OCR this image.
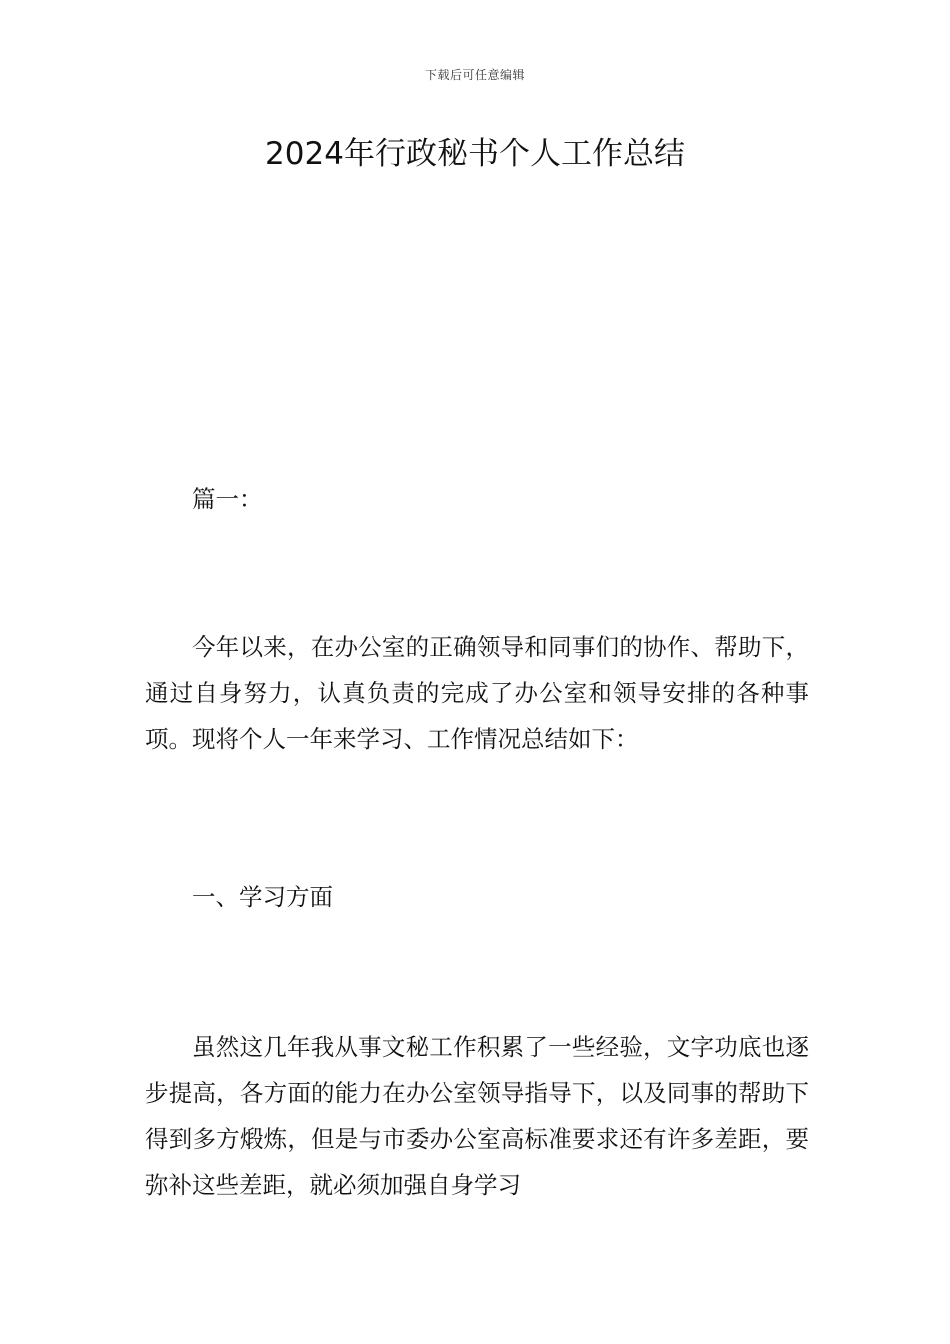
下载后可任意编辑
2024年行政秘书个人工作总结

篇一：

今年以来，在办公室的正确领导和同事们的协作、帮助下，通过自身努力，认真负责的完成了办公室和领导安排的各种事项。现将个人一年来学习、工作情况总结如下：

一、学习方面

虽然这几年我从事文秘工作积累了一些经验，文字功底也逐步提高，各方面的能力在办公室领导指导下，以及同事的帮助下得到多方煅炼，但是与市委办公室高标准要求还有许多差距，要弥补这些差距，就必须加强自身学习
